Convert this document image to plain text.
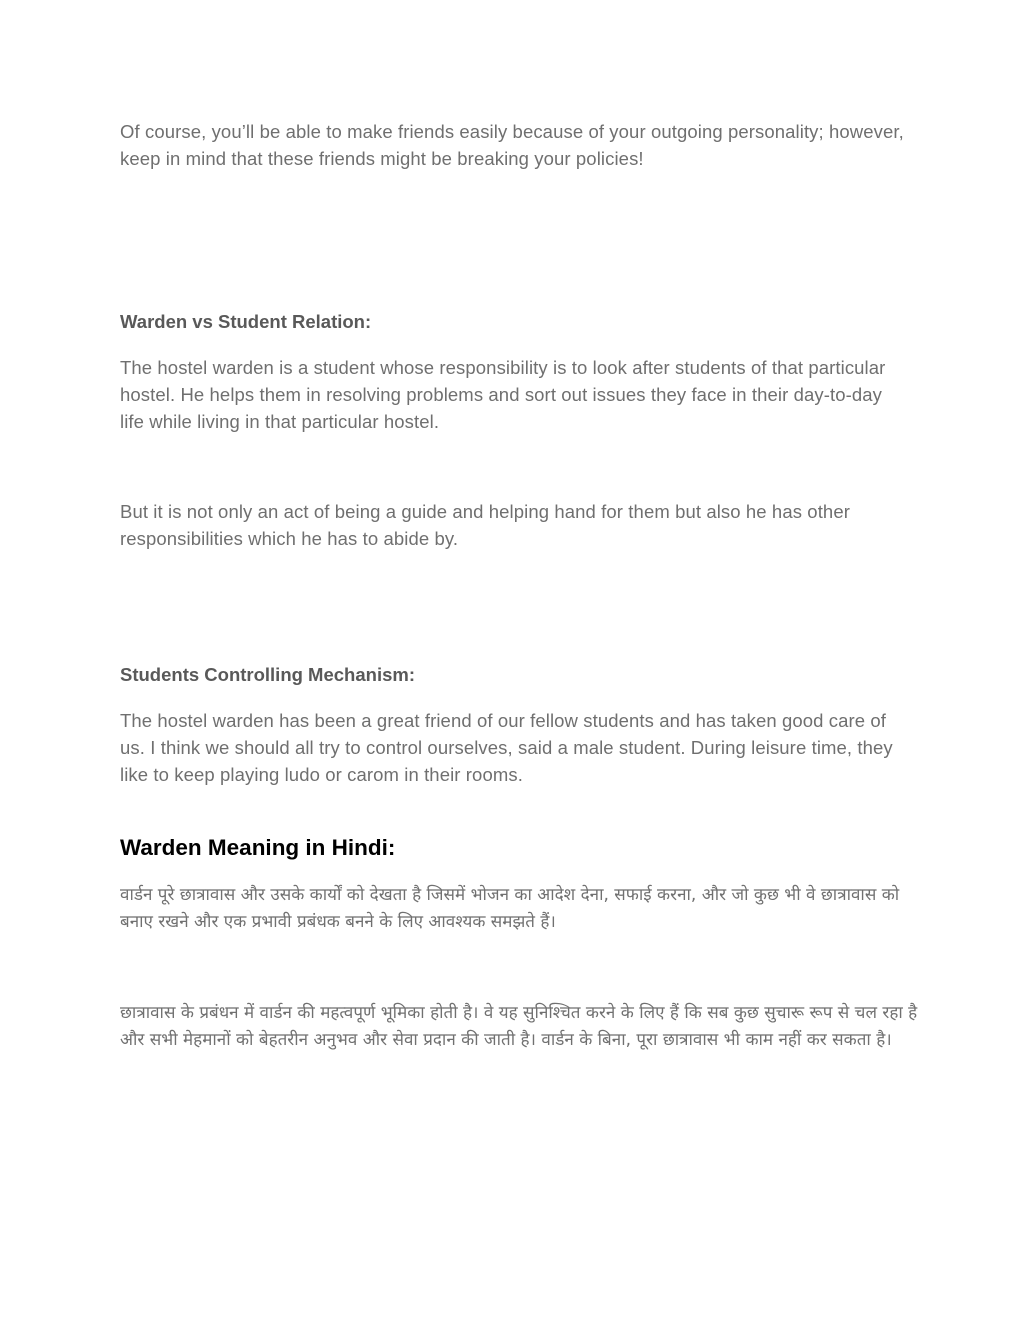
Of course, you’ll be able to make friends easily because of your outgoing personality; however, keep in mind that these friends might be breaking your policies!

Warden vs Student Relation:

The hostel warden is a student whose responsibility is to look after students of that particular hostel. He helps them in resolving problems and sort out issues they face in their day-to-day life while living in that particular hostel.

But it is not only an act of being a guide and helping hand for them but also he has other responsibilities which he has to abide by.

Students Controlling Mechanism:

The hostel warden has been a great friend of our fellow students and has taken good care of us. I think we should all try to control ourselves, said a male student. During leisure time, they like to keep playing ludo or carom in their rooms.

Warden Meaning in Hindi:

वार्डन पूरे छात्रावास और उसके कार्यों को देखता है जिसमें भोजन का आदेश देना, सफाई करना, और जो कुछ भी वे छात्रावास को बनाए रखने और एक प्रभावी प्रबंधक बनने के लिए आवश्यक समझते हैं।

छात्रावास के प्रबंधन में वार्डन की महत्वपूर्ण भूमिका होती है। वे यह सुनिश्चित करने के लिए हैं कि सब कुछ सुचारू रूप से चल रहा है और सभी मेहमानों को बेहतरीन अनुभव और सेवा प्रदान की जाती है। वार्डन के बिना, पूरा छात्रावास भी काम नहीं कर सकता है।
